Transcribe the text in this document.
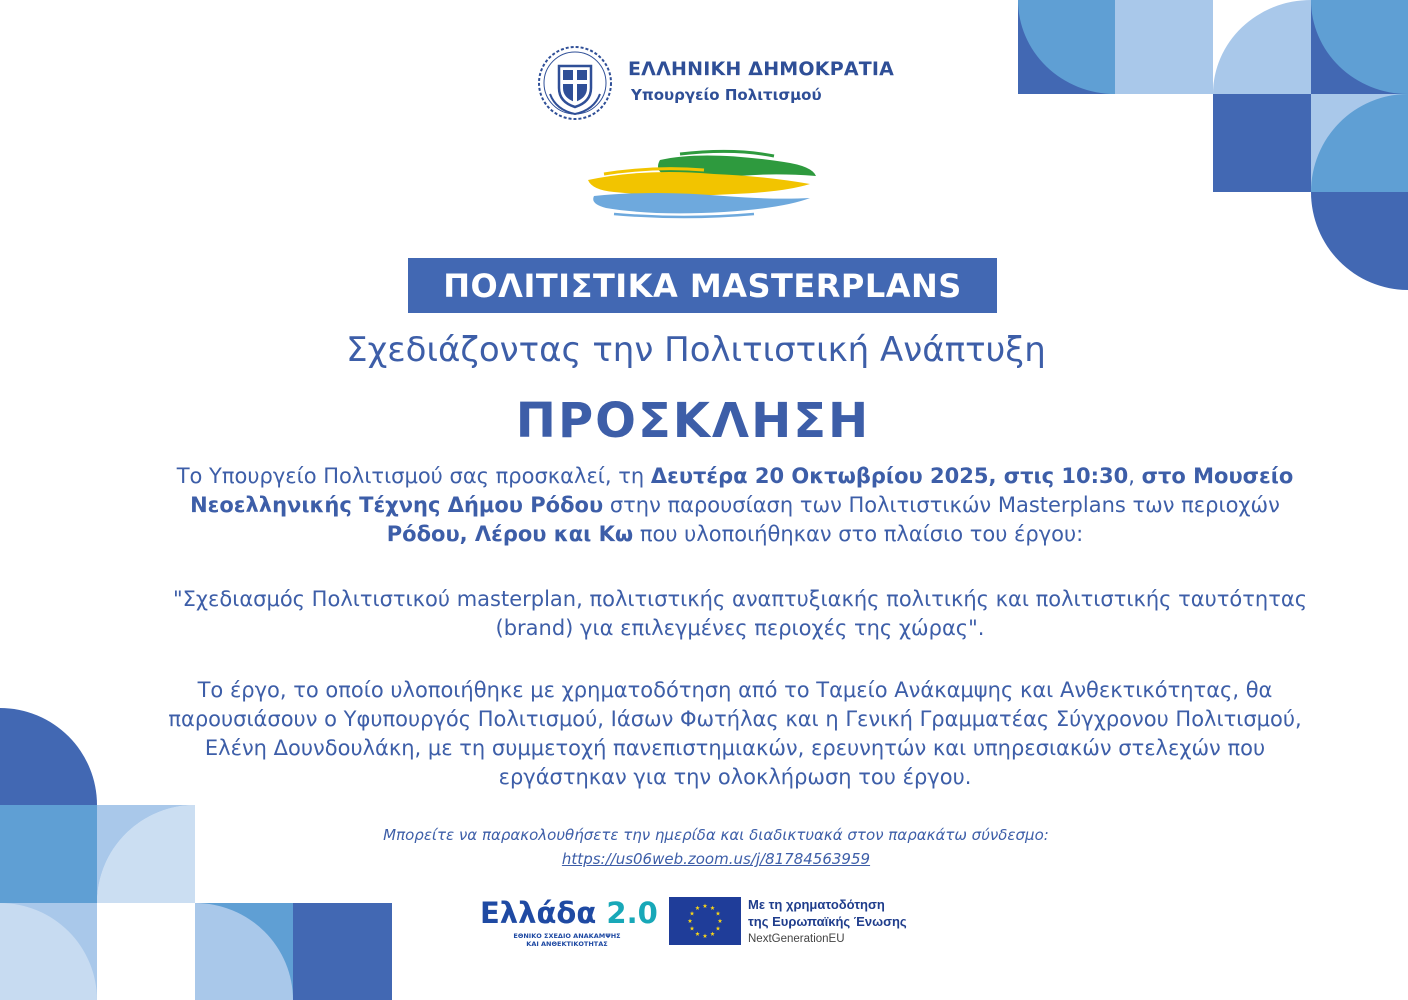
ΕΛΛΗΝΙΚΗ ΔΗΜΟΚΡΑΤΙΑ
Υπουργείο Πολιτισμού
ΠΟΛΙΤΙΣΤΙΚΑ MASTERPLANS
Σχεδιάζοντας την Πολιτιστική Ανάπτυξη
ΠΡΟΣΚΛΗΣΗ
Το Υπουργείο Πολιτισμού σας προσκαλεί, τη Δευτέρα 20 Οκτωβρίου 2025, στις 10:30, στο Μουσείο Νεοελληνικής Τέχνης Δήμου Ρόδου στην παρουσίαση των Πολιτιστικών Masterplans των περιοχών Ρόδου, Λέρου και Κω που υλοποιήθηκαν στο πλαίσιο του έργου:
"Σχεδιασμός Πολιτιστικού masterplan, πολιτιστικής αναπτυξιακής πολιτικής και πολιτιστικής ταυτότητας (brand) για επιλεγμένες περιοχές της χώρας".
Το έργο, το οποίο υλοποιήθηκε με χρηματοδότηση από το Ταμείο Ανάκαμψης και Ανθεκτικότητας, θα παρουσιάσουν ο Υφυπουργός Πολιτισμού, Ιάσων Φωτήλας και η Γενική Γραμματέας Σύγχρονου Πολιτισμού, Ελένη Δουνδουλάκη, με τη συμμετοχή πανεπιστημιακών, ερευνητών και υπηρεσιακών στελεχών που εργάστηκαν για την ολοκλήρωση του έργου.
Μπορείτε να παρακολουθήσετε την ημερίδα και διαδικτυακά στον παρακάτω σύνδεσμο:
https://us06web.zoom.us/j/81784563959
Ελλάδα 2.0
ΕΘΝΙΚΟ ΣΧΕΔΙΟ ΑΝΑΚΑΜΨΗΣ ΚΑΙ ΑΝΘΕΚΤΙΚΟΤΗΤΑΣ
Με τη χρηματοδότηση
της Ευρωπαϊκής Ένωσης
NextGenerationEU
